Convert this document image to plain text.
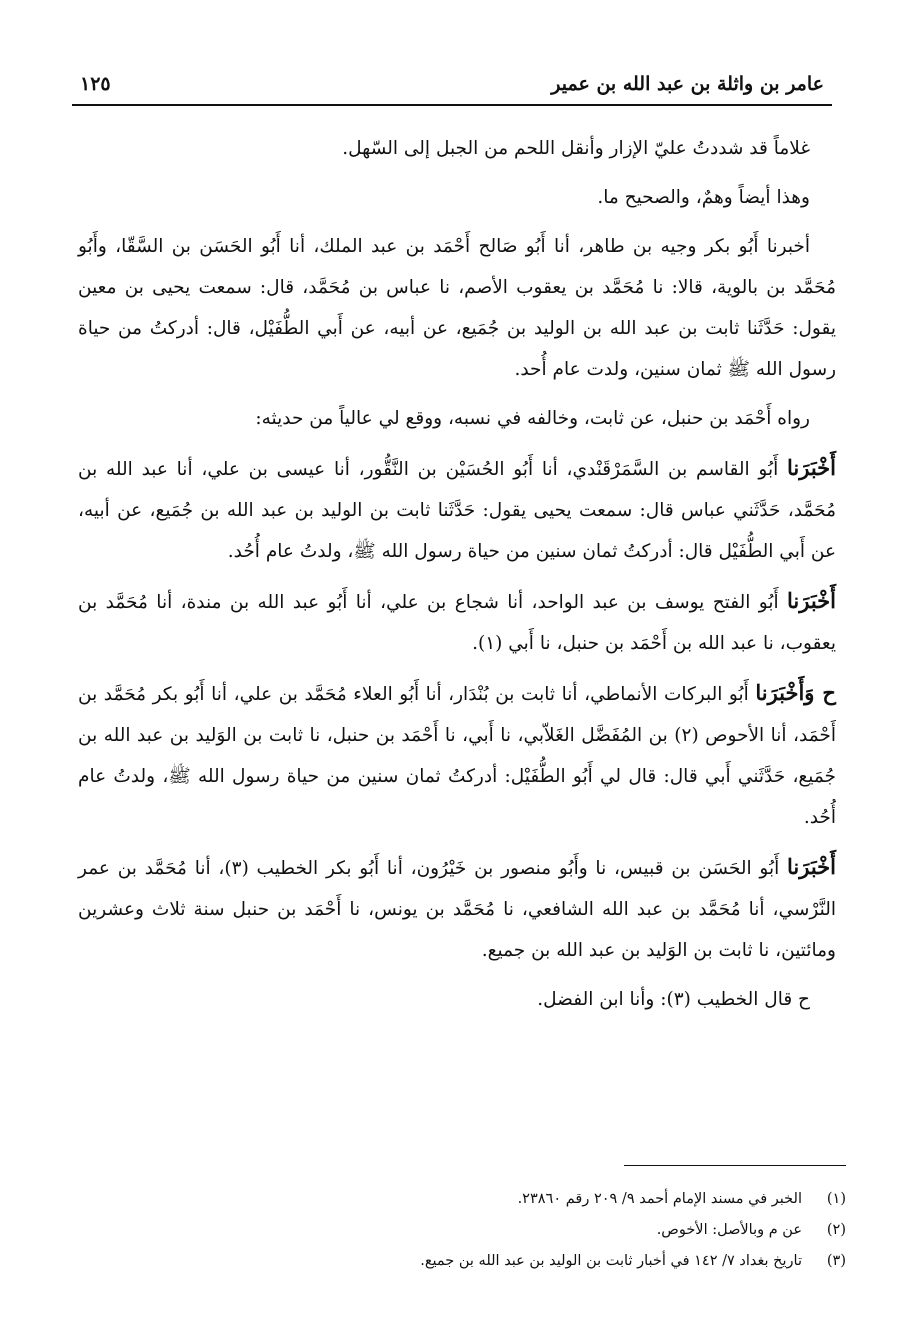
عامر بن واثلة بن عبد الله بن عمير
١٢٥

غلاماً قد شددتُ عليّ الإزار وأنقل اللحم من الجبل إلى السّهل.

وهذا أيضاً وهمٌ، والصحيح ما.

أخبرنا أَبُو بكر وجيه بن طاهر، أنا أَبُو صَالح أَحْمَد بن عبد الملك، أنا أَبُو الحَسَن بن السَّقّا، وأَبُو مُحَمَّد بن بالوية، قالا: نا مُحَمَّد بن يعقوب الأصم، نا عباس بن مُحَمَّد، قال: سمعت يحيى بن معين يقول: حَدَّثَنا ثابت بن عبد الله بن الوليد بن جُمَيع، عن أبيه، عن أَبي الطُّفَيْل، قال: أدركتُ من حياة رسول الله ﷺ ثمان سنين، ولدت عام أُحد.

رواه أَحْمَد بن حنبل، عن ثابت، وخالفه في نسبه، ووقع لي عالياً من حديثه:

أَخْبَرَنا أَبُو القاسم بن السَّمَرْقَنْدي، أنا أَبُو الحُسَيْن بن النَّقُّور، أنا عيسى بن علي، أنا عبد الله بن مُحَمَّد، حَدَّثَني عباس قال: سمعت يحيى يقول: حَدَّثَنا ثابت بن الوليد بن عبد الله بن جُمَيع، عن أبيه، عن أَبي الطُّفَيْل قال: أدركتُ ثمان سنين من حياة رسول الله ﷺ، ولدتُ عام أُحُد.

أَخْبَرَنا أَبُو الفتح يوسف بن عبد الواحد، أنا شجاع بن علي، أنا أَبُو عبد الله بن مندة، أنا مُحَمَّد بن يعقوب، نا عبد الله بن أَحْمَد بن حنبل، نا أَبي (١).

ح وَأَخْبَرَنا أَبُو البركات الأنماطي، أنا ثابت بن بُنْدَار، أنا أَبُو العلاء مُحَمَّد بن علي، أنا أَبُو بكر مُحَمَّد بن أَحْمَد، أنا الأحوص (٢) بن المُفَضَّل الغَلاّبي، نا أَبي، نا أَحْمَد بن حنبل، نا ثابت بن الوَليد بن عبد الله بن جُمَيع، حَدَّثَني أَبي قال: قال لي أَبُو الطُّفَيْل: أدركتُ ثمان سنين من حياة رسول الله ﷺ، ولدتُ عام أُحُد.

أَخْبَرَنا أَبُو الحَسَن بن قبيس، نا وأَبُو منصور بن خَيْرُون، أنا أَبُو بكر الخطيب (٣)، أنا مُحَمَّد بن عمر النَّرْسي، أنا مُحَمَّد بن عبد الله الشافعي، نا مُحَمَّد بن يونس، نا أَحْمَد بن حنبل سنة ثلاث وعشرين ومائتين، نا ثابت بن الوَليد بن عبد الله بن جميع.

ح قال الخطيب (٣): وأنا ابن الفضل.

(١)
الخبر في مسند الإمام أحمد ٩/ ٢٠٩ رقم ٢٣٨٦٠.
(٢)
عن م وبالأصل: الأخوص.
(٣)
تاريخ بغداد ٧/ ١٤٢ في أخبار ثابت بن الوليد بن عبد الله بن جميع.
